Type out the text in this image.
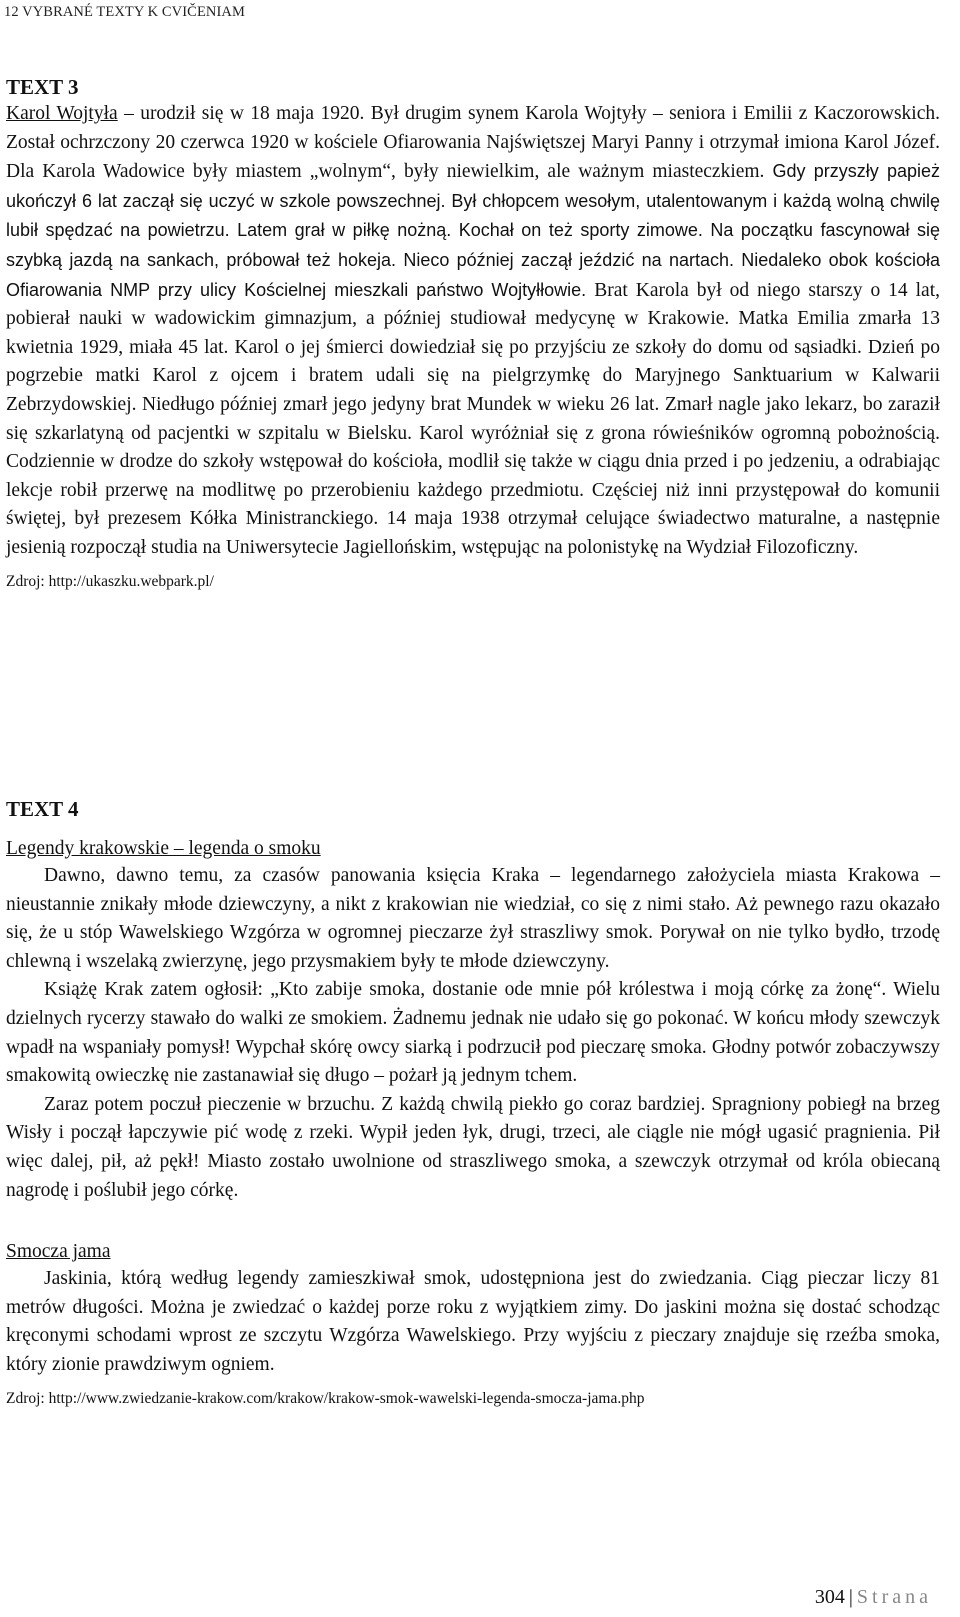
12 VYBRANÉ TEXTY K CVIČENIAM

TEXT 3

Karol Wojtyła – urodził się w 18 maja 1920. Był drugim synem Karola Wojtyły – seniora i Emilii z Kaczorowskich. Został ochrzczony 20 czerwca 1920 w kościele Ofiarowania Najświętszej Maryi Panny i otrzymał imiona Karol Józef. Dla Karola Wadowice były miastem „wolnym“, były niewielkim, ale ważnym miasteczkiem. Gdy przyszły papież ukończył 6 lat zaczął się uczyć w szkole powszechnej. Był chłopcem wesołym, utalentowanym i każdą wolną chwilę lubił spędzać na powietrzu. Latem grał w piłkę nożną. Kochał on też sporty zimowe. Na początku fascynował się szybką jazdą na sankach, próbował też hokeja. Nieco później zaczął jeździć na nartach. Niedaleko obok kościoła Ofiarowania NMP przy ulicy Kościelnej mieszkali państwo Wojtyłłowie. Brat Karola był od niego starszy o 14 lat, pobierał nauki w wadowickim gimnazjum, a później studiował medycynę w Krakowie. Matka Emilia zmarła 13 kwietnia 1929, miała 45 lat. Karol o jej śmierci dowiedział się po przyjściu ze szkoły do domu od sąsiadki. Dzień po pogrzebie matki Karol z ojcem i bratem udali się na pielgrzymkę do Maryjnego Sanktuarium w Kalwarii Zebrzydowskiej. Niedługo później zmarł jego jedyny brat Mundek w wieku 26 lat. Zmarł nagle jako lekarz, bo zaraził się szkarlatyną od pacjentki w szpitalu w Bielsku. Karol wyróżniał się z grona rówieśników ogromną pobożnością. Codziennie w drodze do szkoły wstępował do kościoła, modlił się także w ciągu dnia przed i po jedzeniu, a odrabiając lekcje robił przerwę na modlitwę po przerobieniu każdego przedmiotu. Częściej niż inni przystępował do komunii świętej, był prezesem Kółka Ministranckiego. 14 maja 1938 otrzymał celujące świadectwo maturalne, a następnie jesienią rozpoczął studia na Uniwersytecie Jagiellońskim, wstępując na polonistykę na Wydział Filozoficzny.

Zdroj: http://ukaszku.webpark.pl/

TEXT 4

Legendy krakowskie – legenda o smoku

Dawno, dawno temu, za czasów panowania księcia Kraka – legendarnego założyciela miasta Krakowa – nieustannie znikały młode dziewczyny, a nikt z krakowian nie wiedział, co się z nimi stało. Aż pewnego razu okazało się, że u stóp Wawelskiego Wzgórza w ogromnej pieczarze żył straszliwy smok. Porywał on nie tylko bydło, trzodę chlewną i wszelaką zwierzynę, jego przysmakiem były te młode dziewczyny.

Książę Krak zatem ogłosił: „Kto zabije smoka, dostanie ode mnie pół królestwa i moją córkę za żonę“. Wielu dzielnych rycerzy stawało do walki ze smokiem. Żadnemu jednak nie udało się go pokonać. W końcu młody szewczyk wpadł na wspaniały pomysł! Wypchał skórę owcy siarką i podrzucił pod pieczarę smoka. Głodny potwór zobaczywszy smakowitą owieczkę nie zastanawiał się długo – pożarł ją jednym tchem.

Zaraz potem poczuł pieczenie w brzuchu. Z każdą chwilą piekło go coraz bardziej. Spragniony pobiegł na brzeg Wisły i począł łapczywie pić wodę z rzeki. Wypił jeden łyk, drugi, trzeci, ale ciągle nie mógł ugasić pragnienia. Pił więc dalej, pił, aż pękł! Miasto zostało uwolnione od straszliwego smoka, a szewczyk otrzymał od króla obiecaną nagrodę i poślubił jego córkę.

Smocza jama

Jaskinia, którą według legendy zamieszkiwał smok, udostępniona jest do zwiedzania. Ciąg pieczar liczy 81 metrów długości. Można je zwiedzać o każdej porze roku z wyjątkiem zimy. Do jaskini można się dostać schodząc kręconymi schodami wprost ze szczytu Wzgórza Wawelskiego. Przy wyjściu z pieczary znajduje się rzeźba smoka, który zionie prawdziwym ogniem.

Zdroj: http://www.zwiedzanie-krakow.com/krakow/krakow-smok-wawelski-legenda-smocza-jama.php

304 | Strana
